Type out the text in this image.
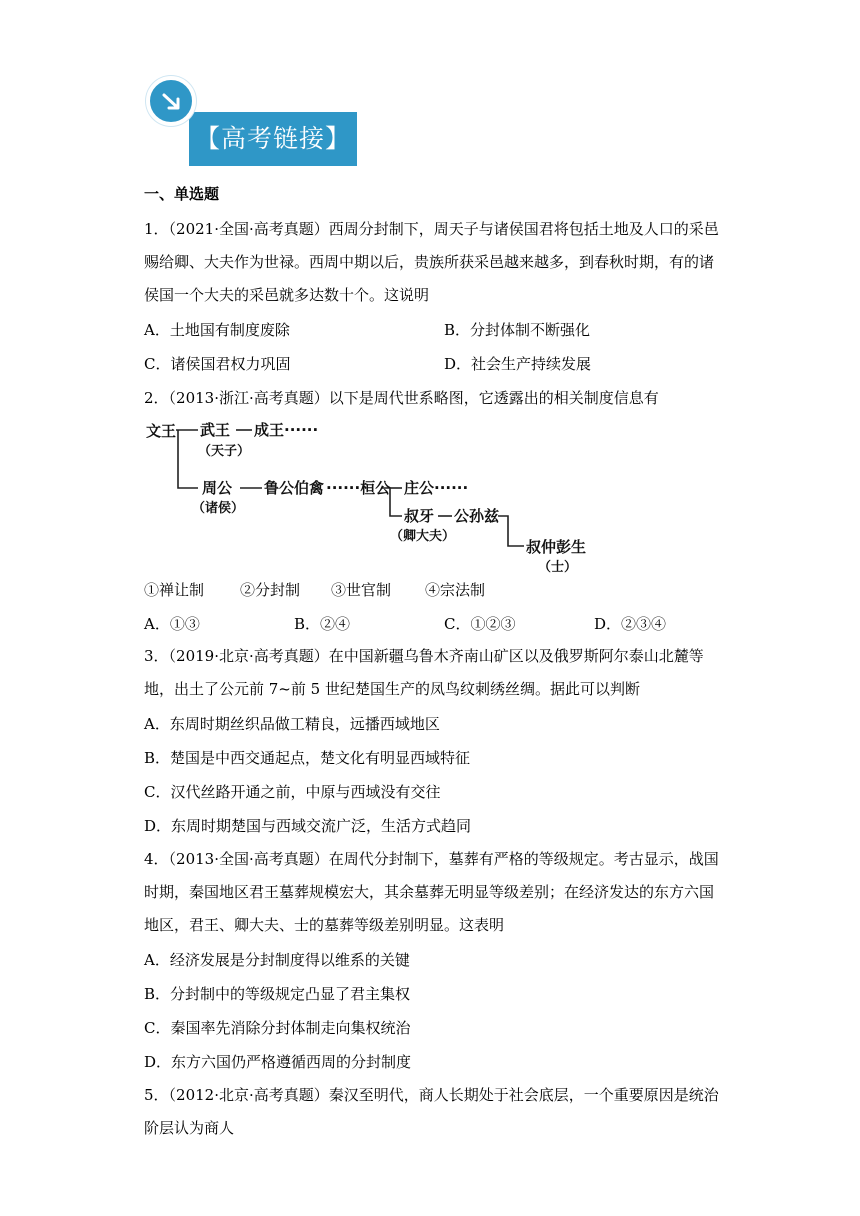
【高考链接】
一、单选题
1．（2021·全国·高考真题）西周分封制下，周天子与诸侯国君将包括土地及人口的采邑赐给卿、大夫作为世禄。西周中期以后，贵族所获采邑越来越多，到春秋时期，有的诸侯国一个大夫的采邑就多达数十个。这说明
A．土地国有制度废除	B．分封体制不断强化
C．诸侯国君权力巩固	D．社会生产持续发展
2．（2013·浙江·高考真题）以下是周代世系略图，它透露出的相关制度信息有
文王 武王 成王······
（天子）
周公 鲁公伯禽 ······桓公 庄公······
（诸侯）	叔牙 公孙兹
（卿大夫）
叔仲彭生
（士）
①禅让制 ②分封制 ③世官制 ④宗法制
A．①③	B．②④	C．①②③	D．②③④
3．（2019·北京·高考真题）在中国新疆乌鲁木齐南山矿区以及俄罗斯阿尔泰山北麓等地，出土了公元前 7~前 5 世纪楚国生产的凤鸟纹刺绣丝绸。据此可以判断
A．东周时期丝织品做工精良，远播西域地区
B．楚国是中西交通起点，楚文化有明显西域特征
C．汉代丝路开通之前，中原与西域没有交往
D．东周时期楚国与西域交流广泛，生活方式趋同
4．（2013·全国·高考真题）在周代分封制下，墓葬有严格的等级规定。考古显示，战国时期，秦国地区君王墓葬规模宏大，其余墓葬无明显等级差别；在经济发达的东方六国地区，君王、卿大夫、士的墓葬等级差别明显。这表明
A．经济发展是分封制度得以维系的关键
B．分封制中的等级规定凸显了君主集权
C．秦国率先消除分封体制走向集权统治
D．东方六国仍严格遵循西周的分封制度
5．（2012·北京·高考真题）秦汉至明代，商人长期处于社会底层，一个重要原因是统治阶层认为商人
